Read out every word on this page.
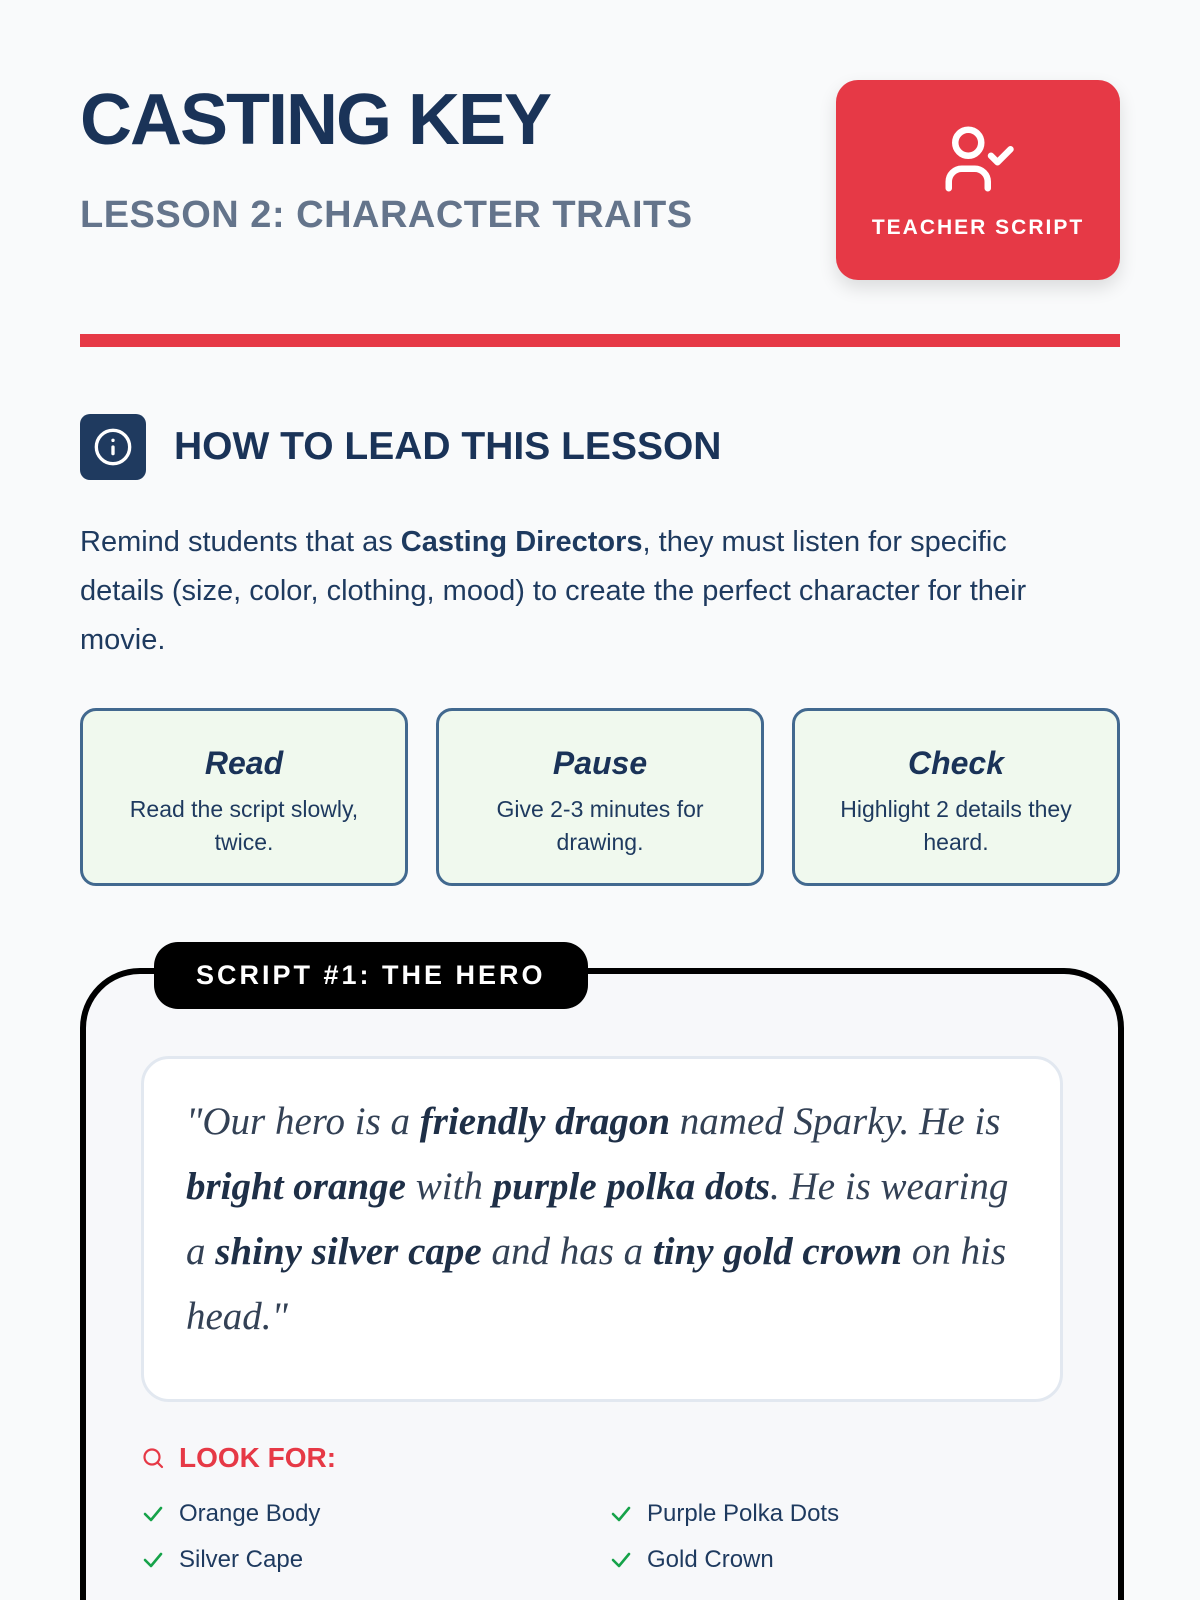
CASTING KEY
LESSON 2: CHARACTER TRAITS	TEACHER SCRIPT
HOW TO LEAD THIS LESSON

Remind students that as Casting Directors, they must listen for specific details (size, color, clothing, mood) to create the perfect character for their movie.

Read
Read the script slowly, twice.
Pause
Give 2-3 minutes for drawing.
Check
Highlight 2 details they heard.
SCRIPT #1: THE HERO

"Our hero is a friendly dragon named Sparky. He is bright orange with purple polka dots. He is wearing a shiny silver cape and has a tiny gold crown on his head."

LOOK FOR:
Orange Body	Purple Polka Dots
Silver Cape	Gold Crown
